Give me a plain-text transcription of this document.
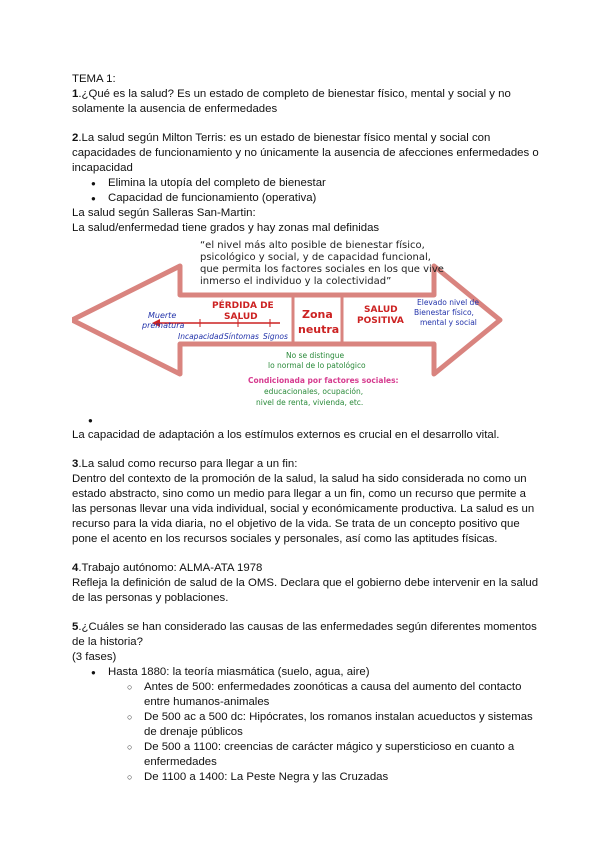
TEMA 1:

1.¿Qué es la salud? Es un estado de completo de bienestar físico, mental y social y no solamente la ausencia de enfermedades

2.La salud según Milton Terris: es un estado de bienestar físico mental y social con capacidades de funcionamiento y no únicamente la ausencia de afecciones enfermedades o incapacidad

● Elimina la utopía del completo de bienestar
● Capacidad de funcionamiento (operativa)

La salud según Salleras San-Martin:

La salud/enfermedad tiene grados y hay zonas mal definidas

“el nivel más alto posible de bienestar físico,
psicológico y social, y de capacidad funcional,
que permita los factores sociales en los que vive
inmerso el individuo y la colectividad”
PÉRDIDA DE
SALUD
Muerte
prematura
Incapacidad Síntomas Signos
Zona
neutra
SALUD
POSITIVA
Elevado nivel de
Bienestar físico,
mental y social
No se distingue
lo normal de lo patológico
Condicionada por factores sociales:
educacionales, ocupación,
nivel de renta, vivienda, etc.
●

La capacidad de adaptación a los estímulos externos es crucial en el desarrollo vital.

3.La salud como recurso para llegar a un fin:

Dentro del contexto de la promoción de la salud, la salud ha sido considerada no como un estado abstracto, sino como un medio para llegar a un fin, como un recurso que permite a las personas llevar una vida individual, social y económicamente productiva. La salud es un recurso para la vida diaria, no el objetivo de la vida. Se trata de un concepto positivo que pone el acento en los recursos sociales y personales, así como las aptitudes físicas.

4.Trabajo autónomo: ALMA-ATA 1978

Refleja la definición de salud de la OMS. Declara que el gobierno debe intervenir en la salud de las personas y poblaciones.

5.¿Cuáles se han considerado las causas de las enfermedades según diferentes momentos de la historia?

(3 fases)

● Hasta 1880: la teoría miasmática (suelo, agua, aire)
○ Antes de 500: enfermedades zoonóticas a causa del aumento del contacto entre humanos-animales
○ De 500 ac a 500 dc: Hipócrates, los romanos instalan acueductos y sistemas de drenaje públicos
○ De 500 a 1100: creencias de carácter mágico y supersticioso en cuanto a enfermedades
○ De 1100 a 1400: La Peste Negra y las Cruzadas
